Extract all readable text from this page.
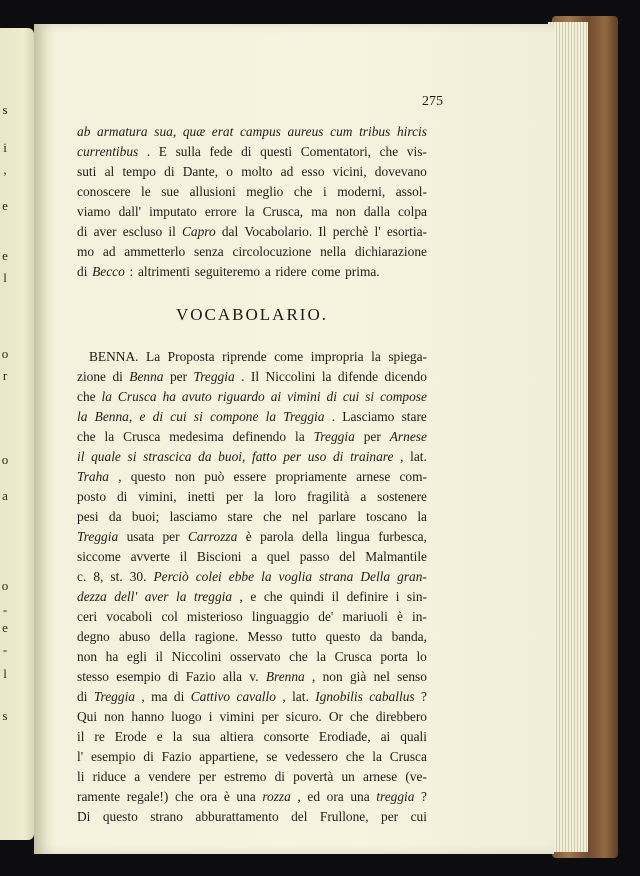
s
i
,
e
e
l
o
r
o
a
o
-
e
-
l
s
275
ab armatura sua, quæ erat campus aureus cum tribus hircis
currentibus . E sulla fede di questi Comentatori, che vis-
suti al tempo di Dante, o molto ad esso vicini, dovevano
conoscere le sue allusioni meglio che i moderni, assol-
viamo dall' imputato errore la Crusca, ma non dalla colpa
di aver escluso il Capro dal Vocabolario. Il perchè l' esortia-
mo ad ammetterlo senza circolocuzione nella dichiarazione
di Becco : altrimenti seguiteremo a ridere come prima.
VOCABOLARIO.
BENNA. La Proposta riprende come impropria la spiega-
zione di Benna per Treggia . Il Niccolini la difende dicendo
che la Crusca ha avuto riguardo ai vimini di cui si compose
la Benna, e di cui si compone la Treggia . Lasciamo stare
che la Crusca medesima definendo la Treggia per Arnese
il quale si strascica da buoi, fatto per uso di trainare , lat.
Traha , questo non può essere propriamente arnese com-
posto di vimini, inetti per la loro fragilità a sostenere
pesi da buoi; lasciamo stare che nel parlare toscano la
Treggia usata per Carrozza è parola della lingua furbesca,
siccome avverte il Biscioni a quel passo del Malmantile
c. 8, st. 30. Perciò colei ebbe la voglia strana Della gran-
dezza dell' aver la treggia , e che quindi il definire i sin-
ceri vocaboli col misterioso linguaggio de' mariuoli è in-
degno abuso della ragione. Messo tutto questo da banda,
non ha egli il Niccolini osservato che la Crusca porta lo
stesso esempio di Fazio alla v. Brenna , non già nel senso
di Treggia , ma di Cattivo cavallo , lat. Ignobilis caballus ?
Qui non hanno luogo i vimini per sicuro. Or che direbbero
il re Erode e la sua altiera consorte Erodiade, ai quali
l' esempio di Fazio appartiene, se vedessero che la Crusca
li riduce a vendere per estremo di povertà un arnese (ve-
ramente regale!) che ora è una rozza , ed ora una treggia ?
Di questo strano abburattamento del Frullone, per cui
